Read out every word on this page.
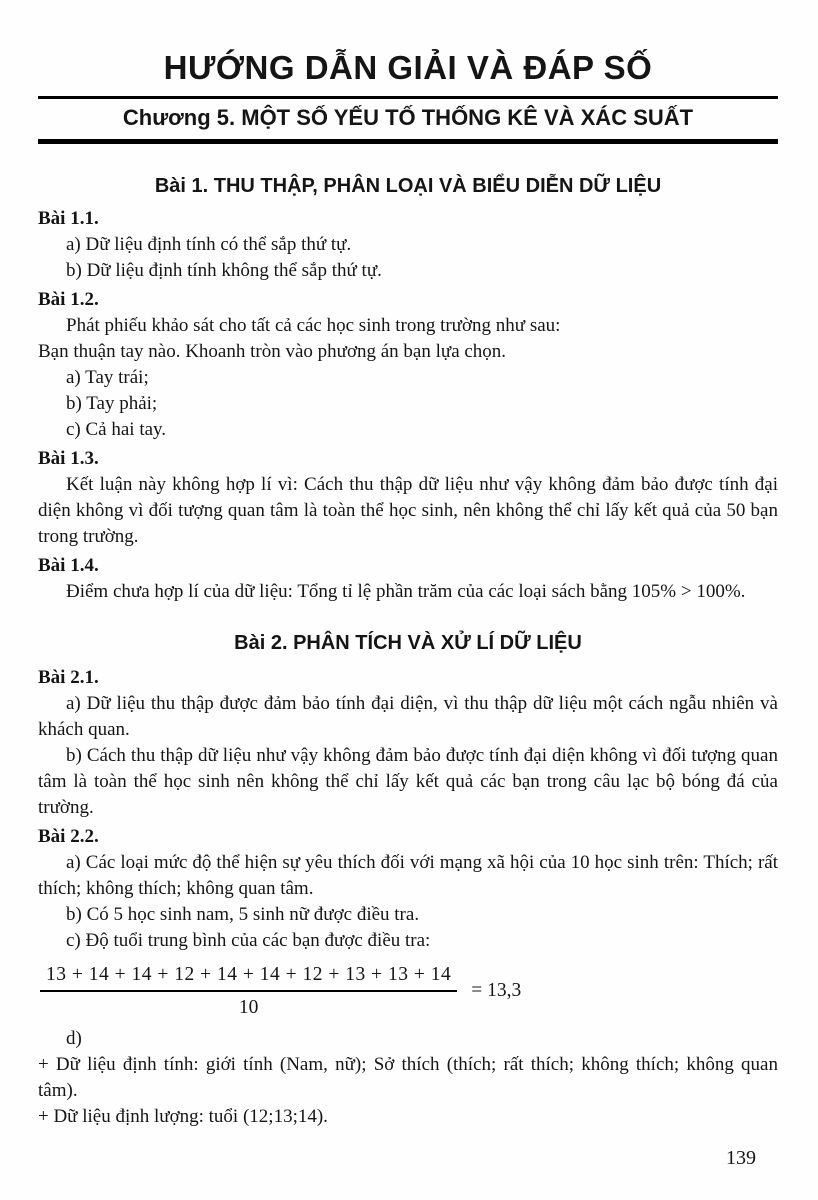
HƯỚNG DẪN GIẢI VÀ ĐÁP SỐ
Chương 5. MỘT SỐ YẾU TỐ THỐNG KÊ VÀ XÁC SUẤT
Bài 1. THU THẬP, PHÂN LOẠI VÀ BIỂU DIỄN DỮ LIỆU

Bài 1.1.

a) Dữ liệu định tính có thể sắp thứ tự.

b) Dữ liệu định tính không thể sắp thứ tự.

Bài 1.2.

Phát phiếu khảo sát cho tất cả các học sinh trong trường như sau:

Bạn thuận tay nào. Khoanh tròn vào phương án bạn lựa chọn.

a) Tay trái;

b) Tay phải;

c) Cả hai tay.

Bài 1.3.

Kết luận này không hợp lí vì: Cách thu thập dữ liệu như vậy không đảm bảo được tính đại diện không vì đối tượng quan tâm là toàn thể học sinh, nên không thể chỉ lấy kết quả của 50 bạn trong trường.

Bài 1.4.

Điểm chưa hợp lí của dữ liệu: Tổng tỉ lệ phần trăm của các loại sách bằng 105% > 100%.

Bài 2. PHÂN TÍCH VÀ XỬ LÍ DỮ LIỆU

Bài 2.1.

a) Dữ liệu thu thập được đảm bảo tính đại diện, vì thu thập dữ liệu một cách ngẫu nhiên và khách quan.

b) Cách thu thập dữ liệu như vậy không đảm bảo được tính đại diện không vì đối tượng quan tâm là toàn thể học sinh nên không thể chỉ lấy kết quả các bạn trong câu lạc bộ bóng đá của trường.

Bài 2.2.

a) Các loại mức độ thể hiện sự yêu thích đối với mạng xã hội của 10 học sinh trên: Thích; rất thích; không thích; không quan tâm.

b) Có 5 học sinh nam, 5 sinh nữ được điều tra.

c) Độ tuổi trung bình của các bạn được điều tra:

$\frac{13 + 14 + 14 + 12 + 14 + 14 + 12 + 13 + 13 + 14}{10} = 13,3$

d)

+ Dữ liệu định tính: giới tính (Nam, nữ); Sở thích (thích; rất thích; không thích; không quan tâm).

+ Dữ liệu định lượng: tuổi (12;13;14).

139
